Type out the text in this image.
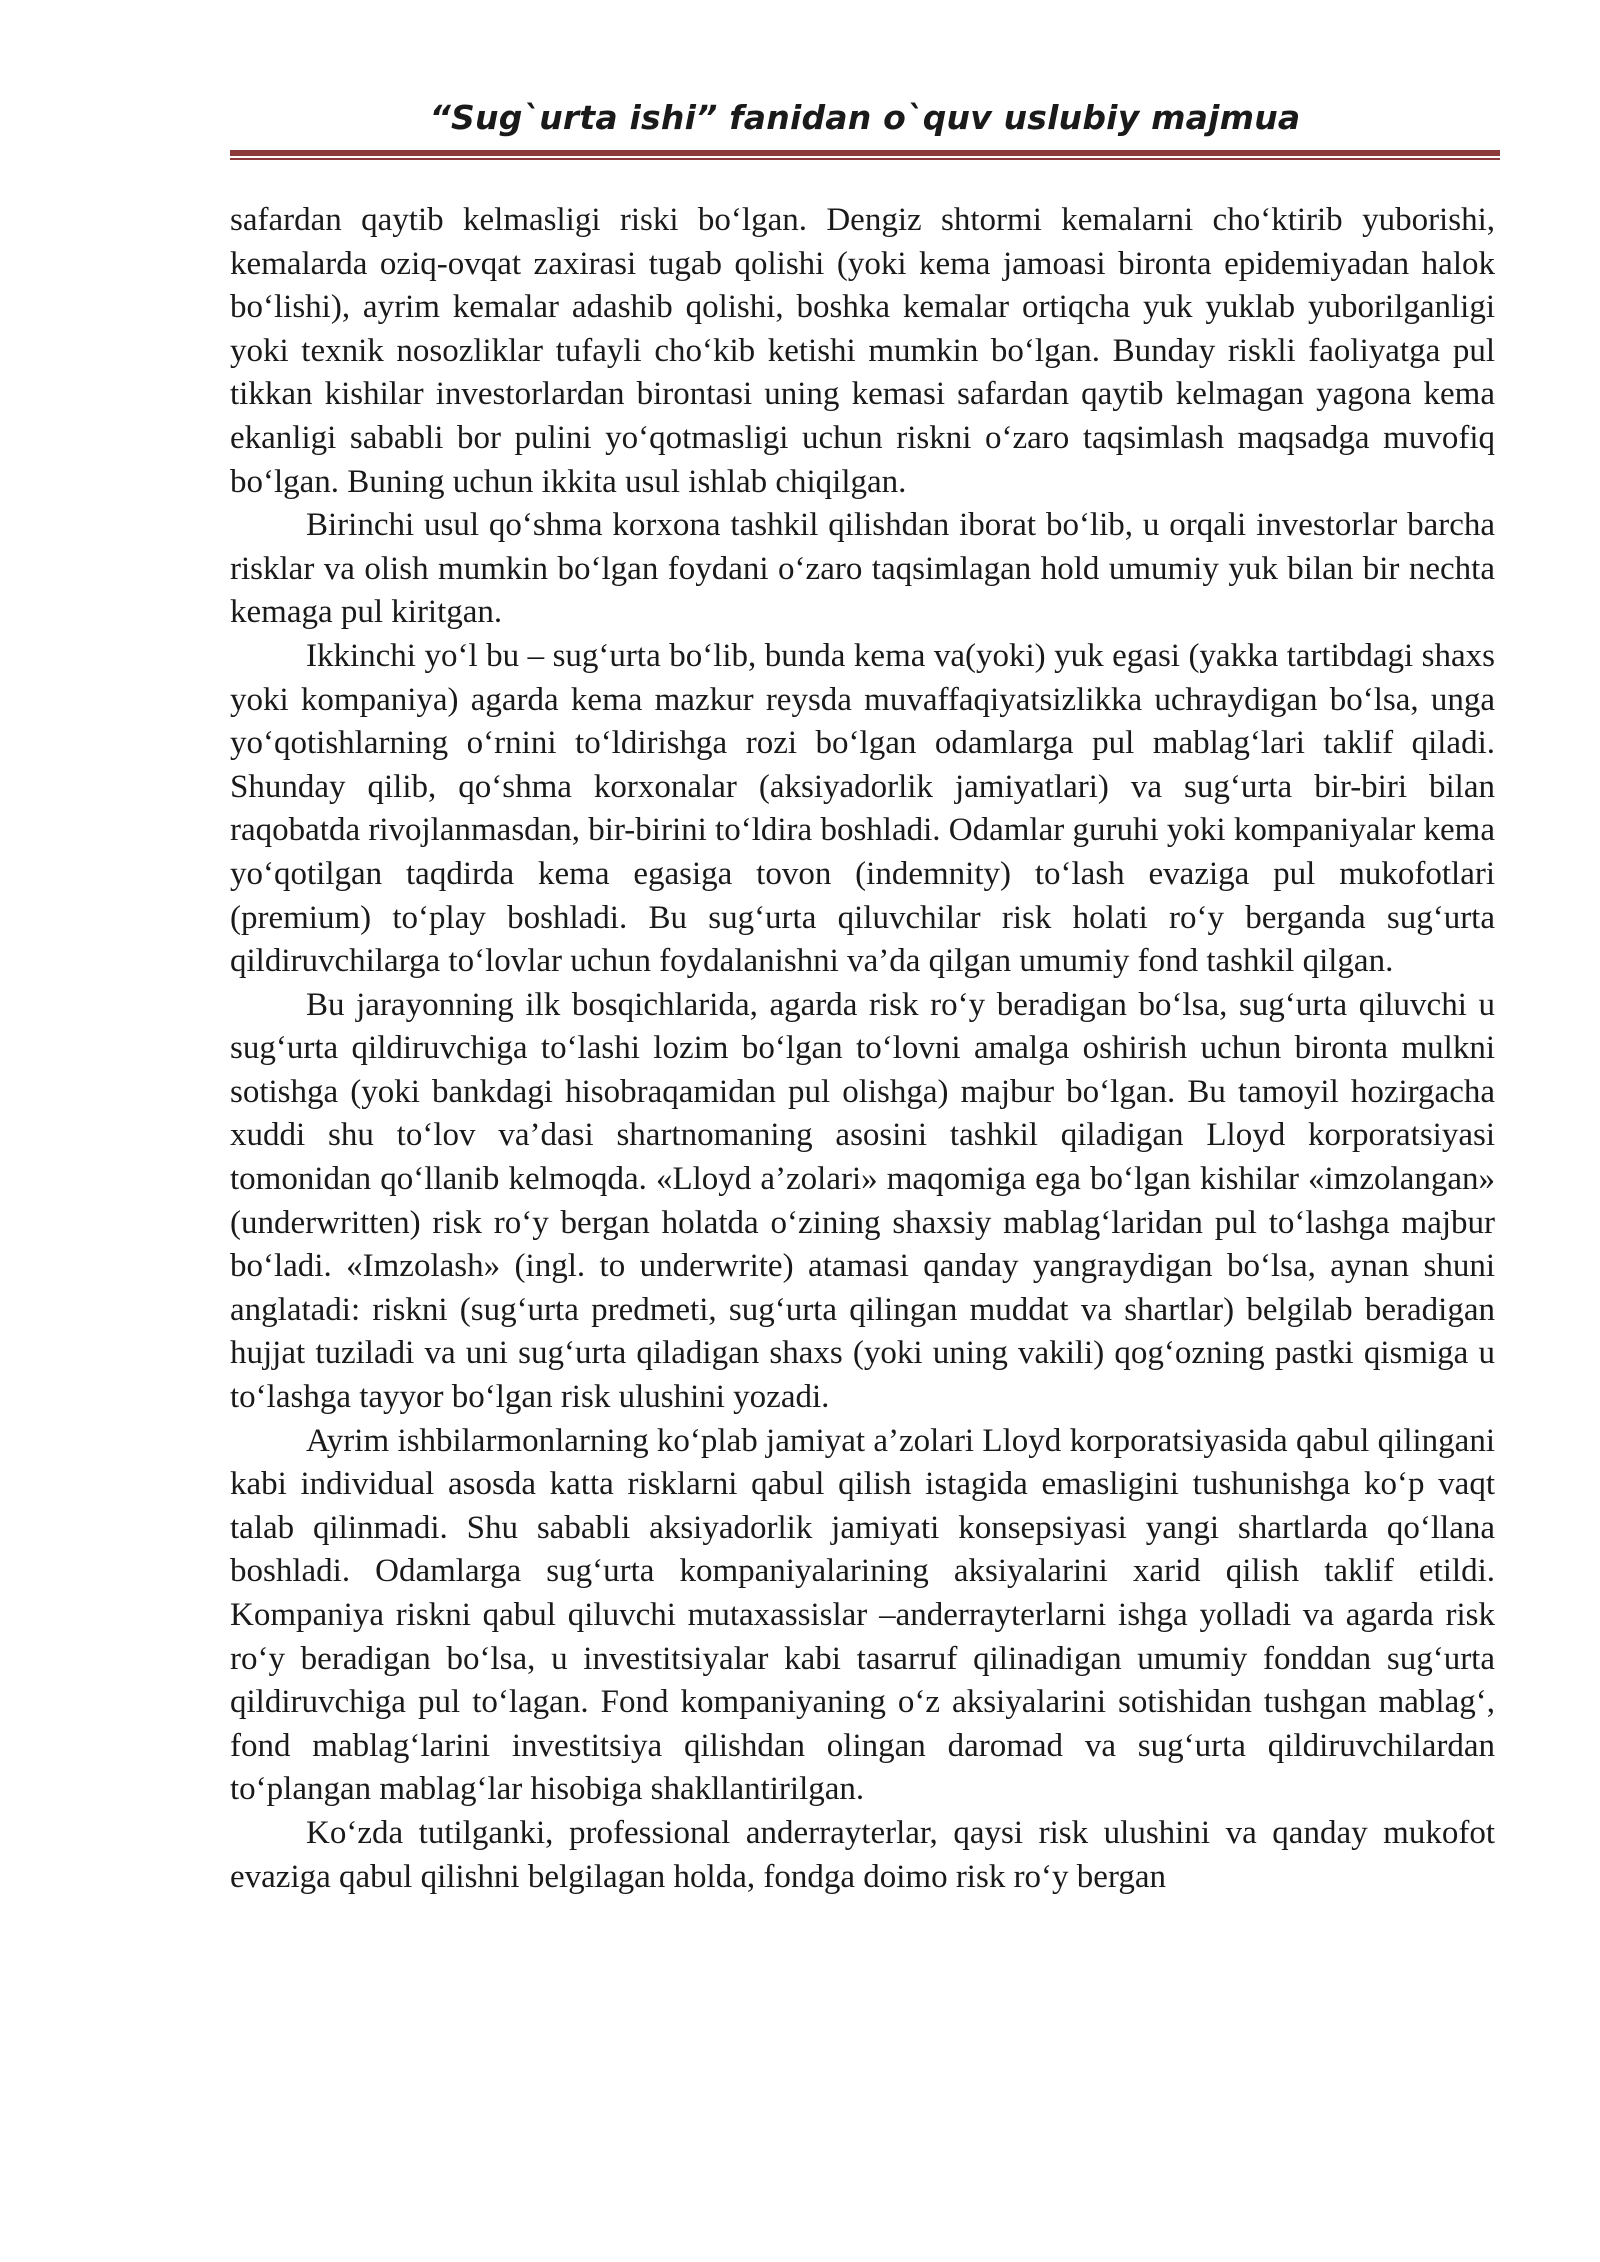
“Sug`urta ishi” fanidan o`quv uslubiy majmua

safardan qaytib kelmasligi riski bo‘lgan. Dengiz shtormi kemalarni cho‘ktirib yuborishi, kemalarda oziq-ovqat zaxirasi tugab qolishi (yoki kema jamoasi bironta epidemiyadan halok bo‘lishi), ayrim kemalar adashib qolishi, boshka kemalar ortiqcha yuk yuklab yuborilganligi yoki texnik nosozliklar tufayli cho‘kib ketishi mumkin bo‘lgan. Bunday riskli faoliyatga pul tikkan kishilar investorlardan birontasi uning kemasi safardan qaytib kelmagan yagona kema ekanligi sababli bor pulini yo‘qotmasligi uchun riskni o‘zaro taqsimlash maqsadga muvofiq bo‘lgan. Buning uchun ikkita usul ishlab chiqilgan.

Birinchi usul qo‘shma korxona tashkil qilishdan iborat bo‘lib, u orqali investorlar barcha risklar va olish mumkin bo‘lgan foydani o‘zaro taqsimlagan hold umumiy yuk bilan bir nechta kemaga pul kiritgan.

Ikkinchi yo‘l bu – sug‘urta bo‘lib, bunda kema va(yoki) yuk egasi (yakka tartibdagi shaxs yoki kompaniya) agarda kema mazkur reysda muvaffaqiyatsizlikka uchraydigan bo‘lsa, unga yo‘qotishlarning o‘rnini to‘ldirishga rozi bo‘lgan odamlarga pul mablag‘lari taklif qiladi. Shunday qilib, qo‘shma korxonalar (aksiyadorlik jamiyatlari) va sug‘urta bir-biri bilan raqobatda rivojlanmasdan, bir-birini to‘ldira boshladi. Odamlar guruhi yoki kompaniyalar kema yo‘qotilgan taqdirda kema egasiga tovon (indemnity) to‘lash evaziga pul mukofotlari (premium) to‘play boshladi. Bu sug‘urta qiluvchilar risk holati ro‘y berganda sug‘urta qildiruvchilarga to‘lovlar uchun foydalanishni va’da qilgan umumiy fond tashkil qilgan.

Bu jarayonning ilk bosqichlarida, agarda risk ro‘y beradigan bo‘lsa, sug‘urta qiluvchi u sug‘urta qildiruvchiga to‘lashi lozim bo‘lgan to‘lovni amalga oshirish uchun bironta mulkni sotishga (yoki bankdagi hisobraqamidan pul olishga) majbur bo‘lgan. Bu tamoyil hozirgacha xuddi shu to‘lov va’dasi shartnomaning asosini tashkil qiladigan Lloyd korporatsiyasi tomonidan qo‘llanib kelmoqda. «Lloyd a’zolari» maqomiga ega bo‘lgan kishilar «imzolangan» (underwritten) risk ro‘y bergan holatda o‘zining shaxsiy mablag‘laridan pul to‘lashga majbur bo‘ladi. «Imzolash» (ingl. to underwrite) atamasi qanday yangraydigan bo‘lsa, aynan shuni anglatadi: riskni (sug‘urta predmeti, sug‘urta qilingan muddat va shartlar) belgilab beradigan hujjat tuziladi va uni sug‘urta qiladigan shaxs (yoki uning vakili) qog‘ozning pastki qismiga u to‘lashga tayyor bo‘lgan risk ulushini yozadi.

Ayrim ishbilarmonlarning ko‘plab jamiyat a’zolari Lloyd korporatsiyasida qabul qilingani kabi individual asosda katta risklarni qabul qilish istagida emasligini tushunishga ko‘p vaqt talab qilinmadi. Shu sababli aksiyadorlik jamiyati konsepsiyasi yangi shartlarda qo‘llana boshladi. Odamlarga sug‘urta kompaniyalarining aksiyalarini xarid qilish taklif etildi. Kompaniya riskni qabul qiluvchi mutaxassislar –anderrayterlarni ishga yolladi va agarda risk ro‘y beradigan bo‘lsa, u investitsiyalar kabi tasarruf qilinadigan umumiy fonddan sug‘urta qildiruvchiga pul to‘lagan. Fond kompaniyaning o‘z aksiyalarini sotishidan tushgan mablag‘, fond mablag‘larini investitsiya qilishdan olingan daromad va sug‘urta qildiruvchilardan to‘plangan mablag‘lar hisobiga shakllantirilgan.

Ko‘zda tutilganki, professional anderrayterlar, qaysi risk ulushini va qanday mukofot evaziga qabul qilishni belgilagan holda, fondga doimo risk ro‘y bergan
